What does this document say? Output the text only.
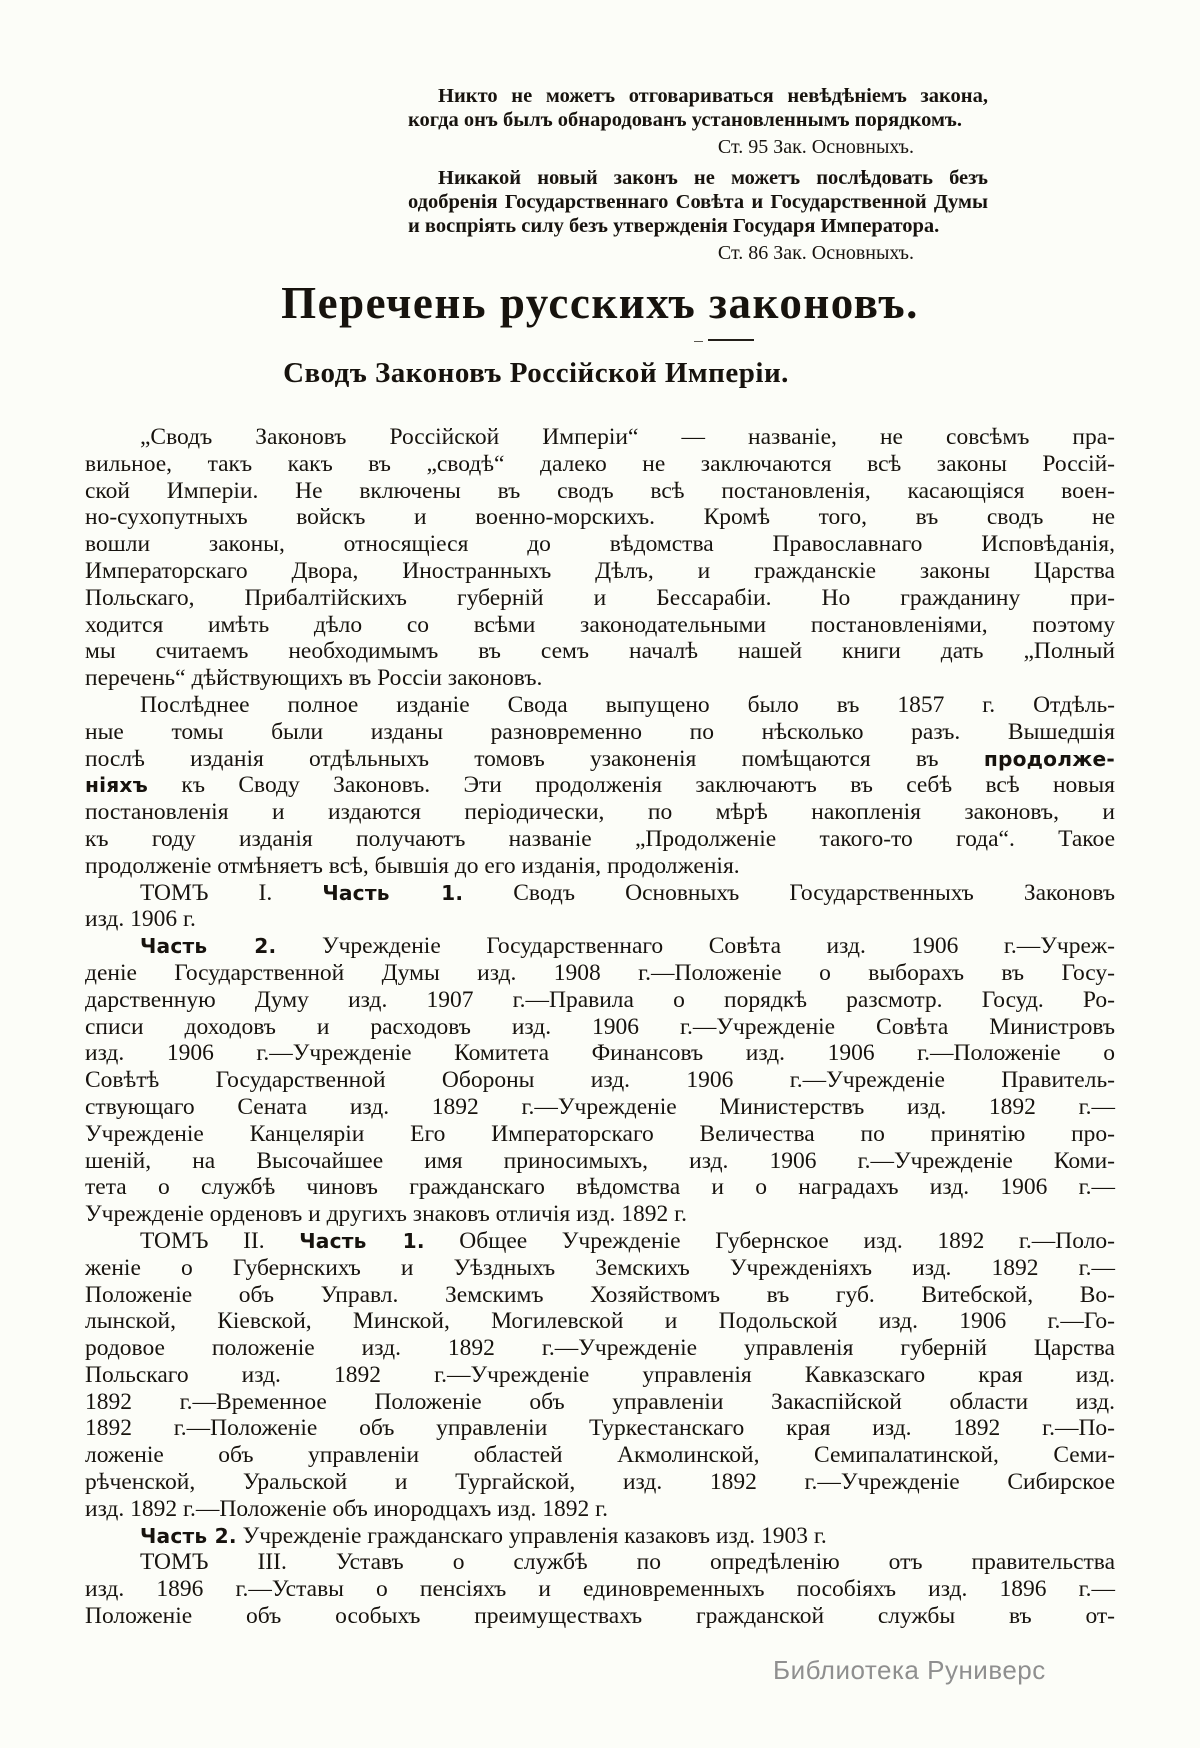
Никто не можетъ отговариваться невѣдѣніемъ закона,
когда онъ былъ обнародованъ установленнымъ порядкомъ.
Ст. 95 Зак. Основныхъ.
Никакой новый законъ не можетъ послѣдовать безъ
одобренія Государственнаго Совѣта и Государственной Думы
и воспріять силу безъ утвержденія Государя Императора.
Ст. 86 Зак. Основныхъ.
Перечень русскихъ законовъ.
Сводъ Законовъ Россійской Имперіи.
„Сводъ Законовъ Россійской Имперіи“ — названіе, не совсѣмъ пра-
вильное, такъ какъ въ „сводѣ“ далеко не заключаются всѣ законы Россій-
ской Имперіи. Не включены въ сводъ всѣ постановленія, касающіяся воен-
но-сухопутныхъ войскъ и военно-морскихъ. Кромѣ того, въ сводъ не
вошли законы, относящіеся до вѣдомства Православнаго Исповѣданія,
Императорскаго Двора, Иностранныхъ Дѣлъ, и гражданскіе законы Царства
Польскаго, Прибалтійскихъ губерній и Бессарабіи. Но гражданину при-
ходится имѣть дѣло со всѣми законодательными постановленіями, поэтому
мы считаемъ необходимымъ въ семъ началѣ нашей книги дать „Полный
перечень“ дѣйствующихъ въ Россіи законовъ.
Послѣднее полное изданіе Свода выпущено было въ 1857 г. Отдѣль-
ные томы были изданы разновременно по нѣсколько разъ. Вышедшія
послѣ изданія отдѣльныхъ томовъ узаконенія помѣщаются въ продолже-
ніяхъ къ Своду Законовъ. Эти продолженія заключаютъ въ себѣ всѣ новыя
постановленія и издаются періодически, по мѣрѣ накопленія законовъ, и
къ году изданія получаютъ названіе „Продолженіе такого-то года“. Такое
продолженіе отмѣняетъ всѣ, бывшія до его изданія, продолженія.
ТОМЪ I. Часть 1. Сводъ Основныхъ Государственныхъ Законовъ
изд. 1906 г.
Часть 2. Учрежденіе Государственнаго Совѣта изд. 1906 г.—Учреж-
деніе Государственной Думы изд. 1908 г.—Положеніе о выборахъ въ Госу-
дарственную Думу изд. 1907 г.—Правила о порядкѣ разсмотр. Госуд. Ро-
списи доходовъ и расходовъ изд. 1906 г.—Учрежденіе Совѣта Министровъ
изд. 1906 г.—Учрежденіе Комитета Финансовъ изд. 1906 г.—Положеніе о
Совѣтѣ Государственной Обороны изд. 1906 г.—Учрежденіе Правитель-
ствующаго Сената изд. 1892 г.—Учрежденіе Министерствъ изд. 1892 г.—
Учрежденіе Канцеляріи Его Императорскаго Величества по принятію про-
шеній, на Высочайшее имя приносимыхъ, изд. 1906 г.—Учрежденіе Коми-
тета о службѣ чиновъ гражданскаго вѣдомства и о наградахъ изд. 1906 г.—
Учрежденіе орденовъ и другихъ знаковъ отличія изд. 1892 г.
ТОМЪ II. Часть 1. Общее Учрежденіе Губернское изд. 1892 г.—Поло-
женіе о Губернскихъ и Уѣздныхъ Земскихъ Учрежденіяхъ изд. 1892 г.—
Положеніе объ Управл. Земскимъ Хозяйствомъ въ губ. Витебской, Во-
лынской, Кіевской, Минской, Могилевской и Подольской изд. 1906 г.—Го-
родовое положеніе изд. 1892 г.—Учрежденіе управленія губерній Царства
Польскаго изд. 1892 г.—Учрежденіе управленія Кавказскаго края изд.
1892 г.—Временное Положеніе объ управленіи Закаспійской области изд.
1892 г.—Положеніе объ управленіи Туркестанскаго края изд. 1892 г.—По-
ложеніе объ управленіи областей Акмолинской, Семипалатинской, Семи-
рѣченской, Уральской и Тургайской, изд. 1892 г.—Учрежденіе Сибирское
изд. 1892 г.—Положеніе объ инородцахъ изд. 1892 г.
Часть 2. Учрежденіе гражданскаго управленія казаковъ изд. 1903 г.
ТОМЪ III. Уставъ о службѣ по опредѣленію отъ правительства
изд. 1896 г.—Уставы о пенсіяхъ и единовременныхъ пособіяхъ изд. 1896 г.—
Положеніе объ особыхъ преимуществахъ гражданской службы въ от-
Библиотека Руниверс
